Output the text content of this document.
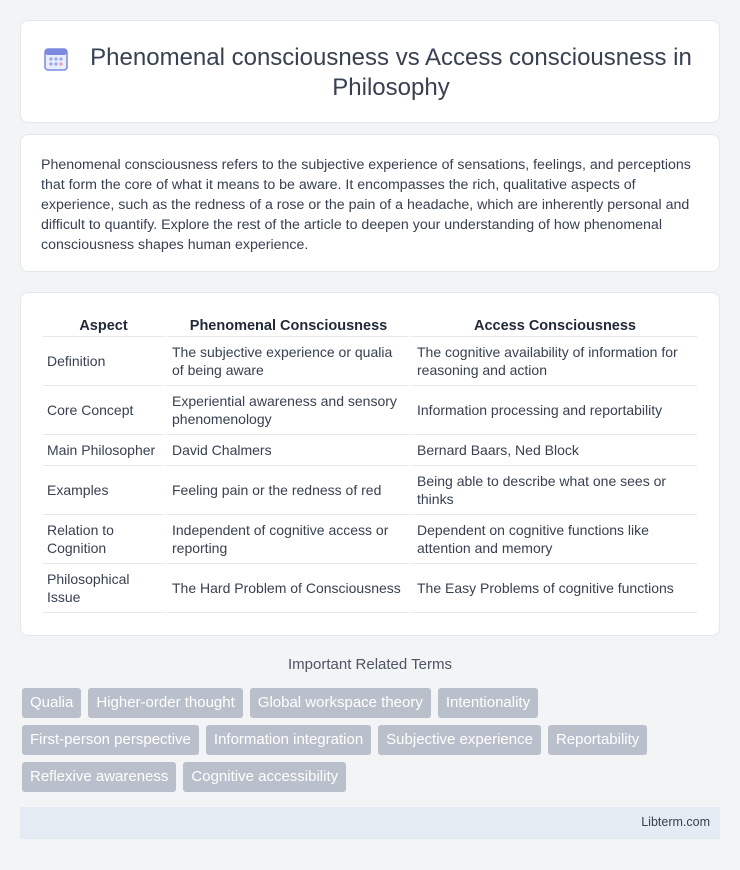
Phenomenal consciousness vs Access consciousness in Philosophy

Phenomenal consciousness refers to the subjective experience of sensations, feelings, and perceptions that form the core of what it means to be aware. It encompasses the rich, qualitative aspects of experience, such as the redness of a rose or the pain of a headache, which are inherently personal and difficult to quantify. Explore the rest of the article to deepen your understanding of how phenomenal consciousness shapes human experience.

Aspect	Phenomenal Consciousness	Access Consciousness
Definition	The subjective experience or qualia of being aware	The cognitive availability of information for reasoning and action
Core Concept	Experiential awareness and sensory phenomenology	Information processing and reportability
Main Philosopher	David Chalmers	Bernard Baars, Ned Block
Examples	Feeling pain or the redness of red	Being able to describe what one sees or thinks
Relation to Cognition	Independent of cognitive access or reporting	Dependent on cognitive functions like attention and memory
Philosophical Issue	The Hard Problem of Consciousness	The Easy Problems of cognitive functions
Important Related Terms
Qualia	Higher-order thought	Global workspace theory	Intentionality
First-person perspective	Information integration	Subjective experience	Reportability
Reflexive awareness	Cognitive accessibility
Libterm.com
